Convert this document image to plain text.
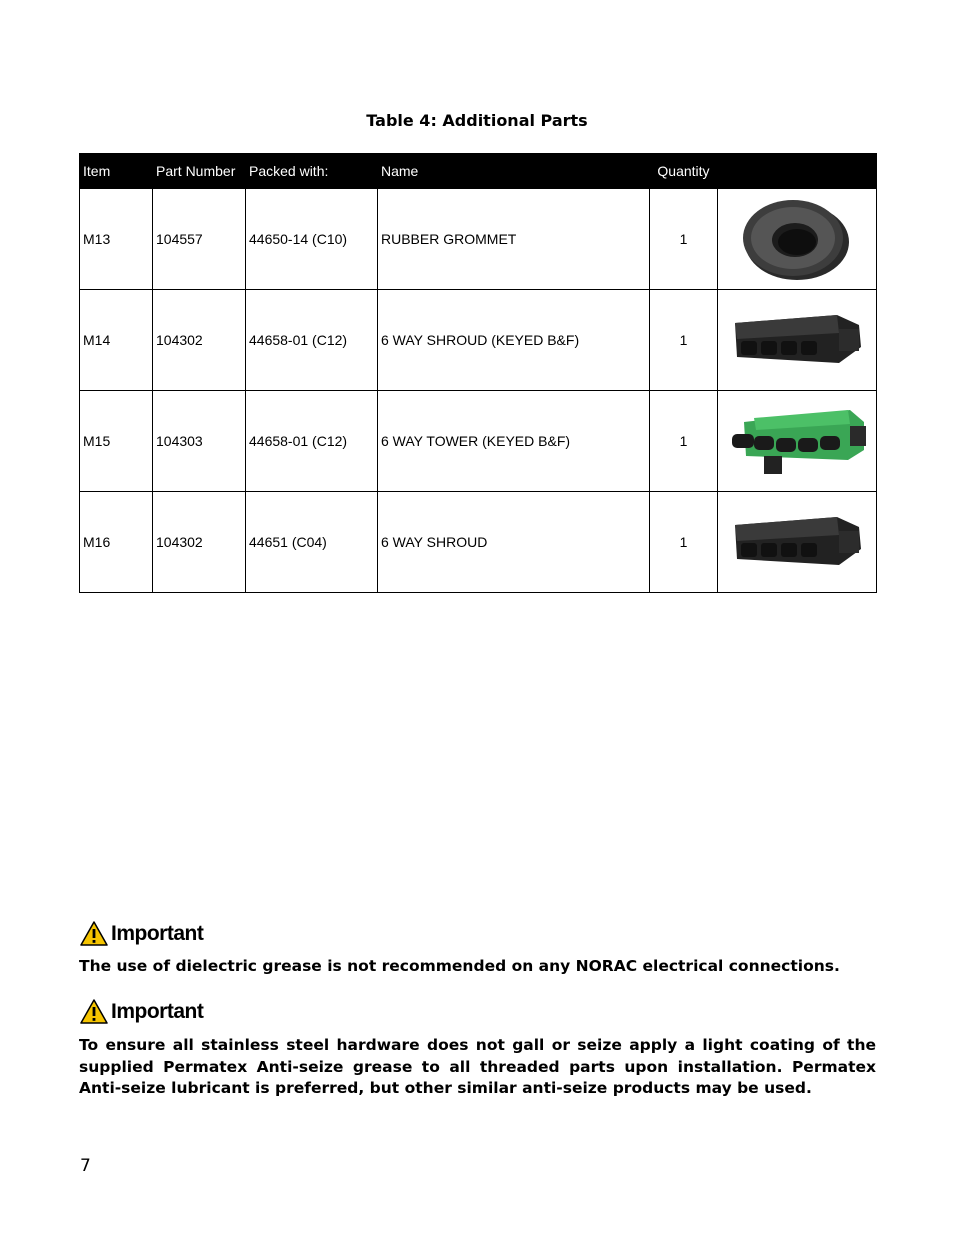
Table 4: Additional Parts
Item	Part Number	Packed with:	Name	Quantity	
M13	104557	44650-14 (C10)	RUBBER GROMMET	1	
M14	104302	44658-01 (C12)	6 WAY SHROUD (KEYED B&F)	1	
M15	104303	44658-01 (C12)	6 WAY TOWER (KEYED B&F)	1	
M16	104302	44651 (C04)	6 WAY SHROUD	1	
Important
The use of dielectric grease is not recommended on any NORAC electrical connections.
Important
To ensure all stainless steel hardware does not gall or seize apply a light coating of the supplied Permatex Anti-seize grease to all threaded parts upon installation. Permatex Anti-seize lubricant is preferred, but other similar anti-seize products may be used.
7
